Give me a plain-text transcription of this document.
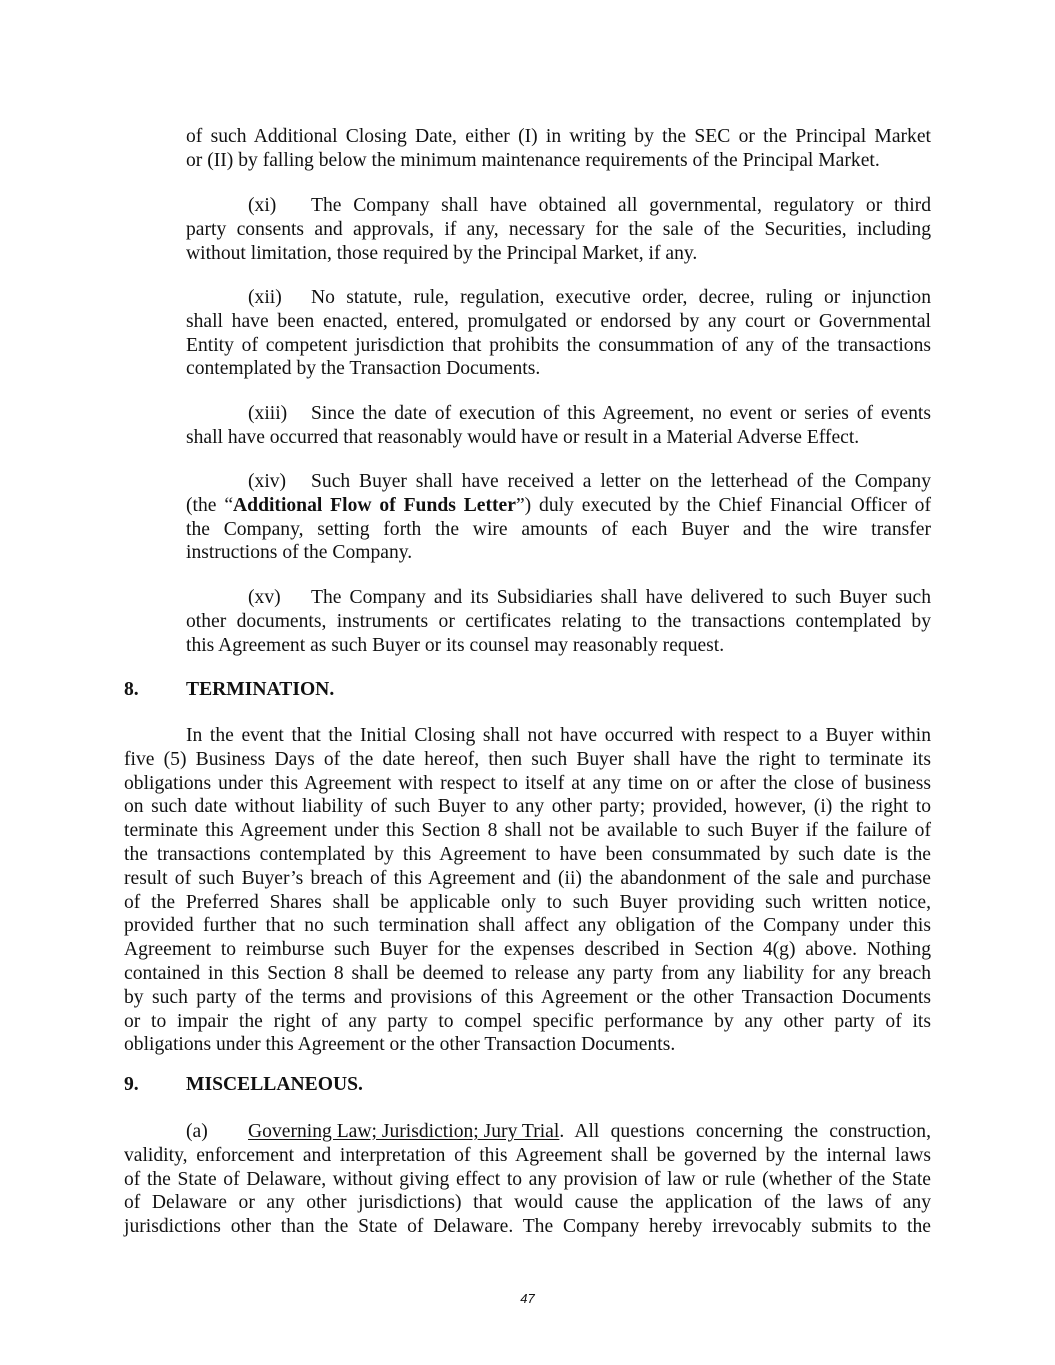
of such Additional Closing Date, either (I) in writing by the SEC or the Principal Market
or (II) by falling below the minimum maintenance requirements of the Principal Market.
(xi) The Company shall have obtained all governmental, regulatory or third
party consents and approvals, if any, necessary for the sale of the Securities, including
without limitation, those required by the Principal Market, if any.
(xii) No statute, rule, regulation, executive order, decree, ruling or injunction
shall have been enacted, entered, promulgated or endorsed by any court or Governmental
Entity of competent jurisdiction that prohibits the consummation of any of the transactions
contemplated by the Transaction Documents.
(xiii) Since the date of execution of this Agreement, no event or series of events
shall have occurred that reasonably would have or result in a Material Adverse Effect.
(xiv) Such Buyer shall have received a letter on the letterhead of the Company
(the “Additional Flow of Funds Letter”) duly executed by the Chief Financial Officer of
the Company, setting forth the wire amounts of each Buyer and the wire transfer
instructions of the Company.
(xv) The Company and its Subsidiaries shall have delivered to such Buyer such
other documents, instruments or certificates relating to the transactions contemplated by
this Agreement as such Buyer or its counsel may reasonably request.
8. TERMINATION.
In the event that the Initial Closing shall not have occurred with respect to a Buyer within
five (5) Business Days of the date hereof, then such Buyer shall have the right to terminate its
obligations under this Agreement with respect to itself at any time on or after the close of business
on such date without liability of such Buyer to any other party; provided, however, (i) the right to
terminate this Agreement under this Section 8 shall not be available to such Buyer if the failure of
the transactions contemplated by this Agreement to have been consummated by such date is the
result of such Buyer’s breach of this Agreement and (ii) the abandonment of the sale and purchase
of the Preferred Shares shall be applicable only to such Buyer providing such written notice,
provided further that no such termination shall affect any obligation of the Company under this
Agreement to reimburse such Buyer for the expenses described in Section 4(g) above. Nothing
contained in this Section 8 shall be deemed to release any party from any liability for any breach
by such party of the terms and provisions of this Agreement or the other Transaction Documents
or to impair the right of any party to compel specific performance by any other party of its
obligations under this Agreement or the other Transaction Documents.
9. MISCELLANEOUS.
(a) Governing Law; Jurisdiction; Jury Trial . All questions concerning the construction,
validity, enforcement and interpretation of this Agreement shall be governed by the internal laws
of the State of Delaware, without giving effect to any provision of law or rule (whether of the State
of Delaware or any other jurisdictions) that would cause the application of the laws of any
jurisdictions other than the State of Delaware. The Company hereby irrevocably submits to the
47
